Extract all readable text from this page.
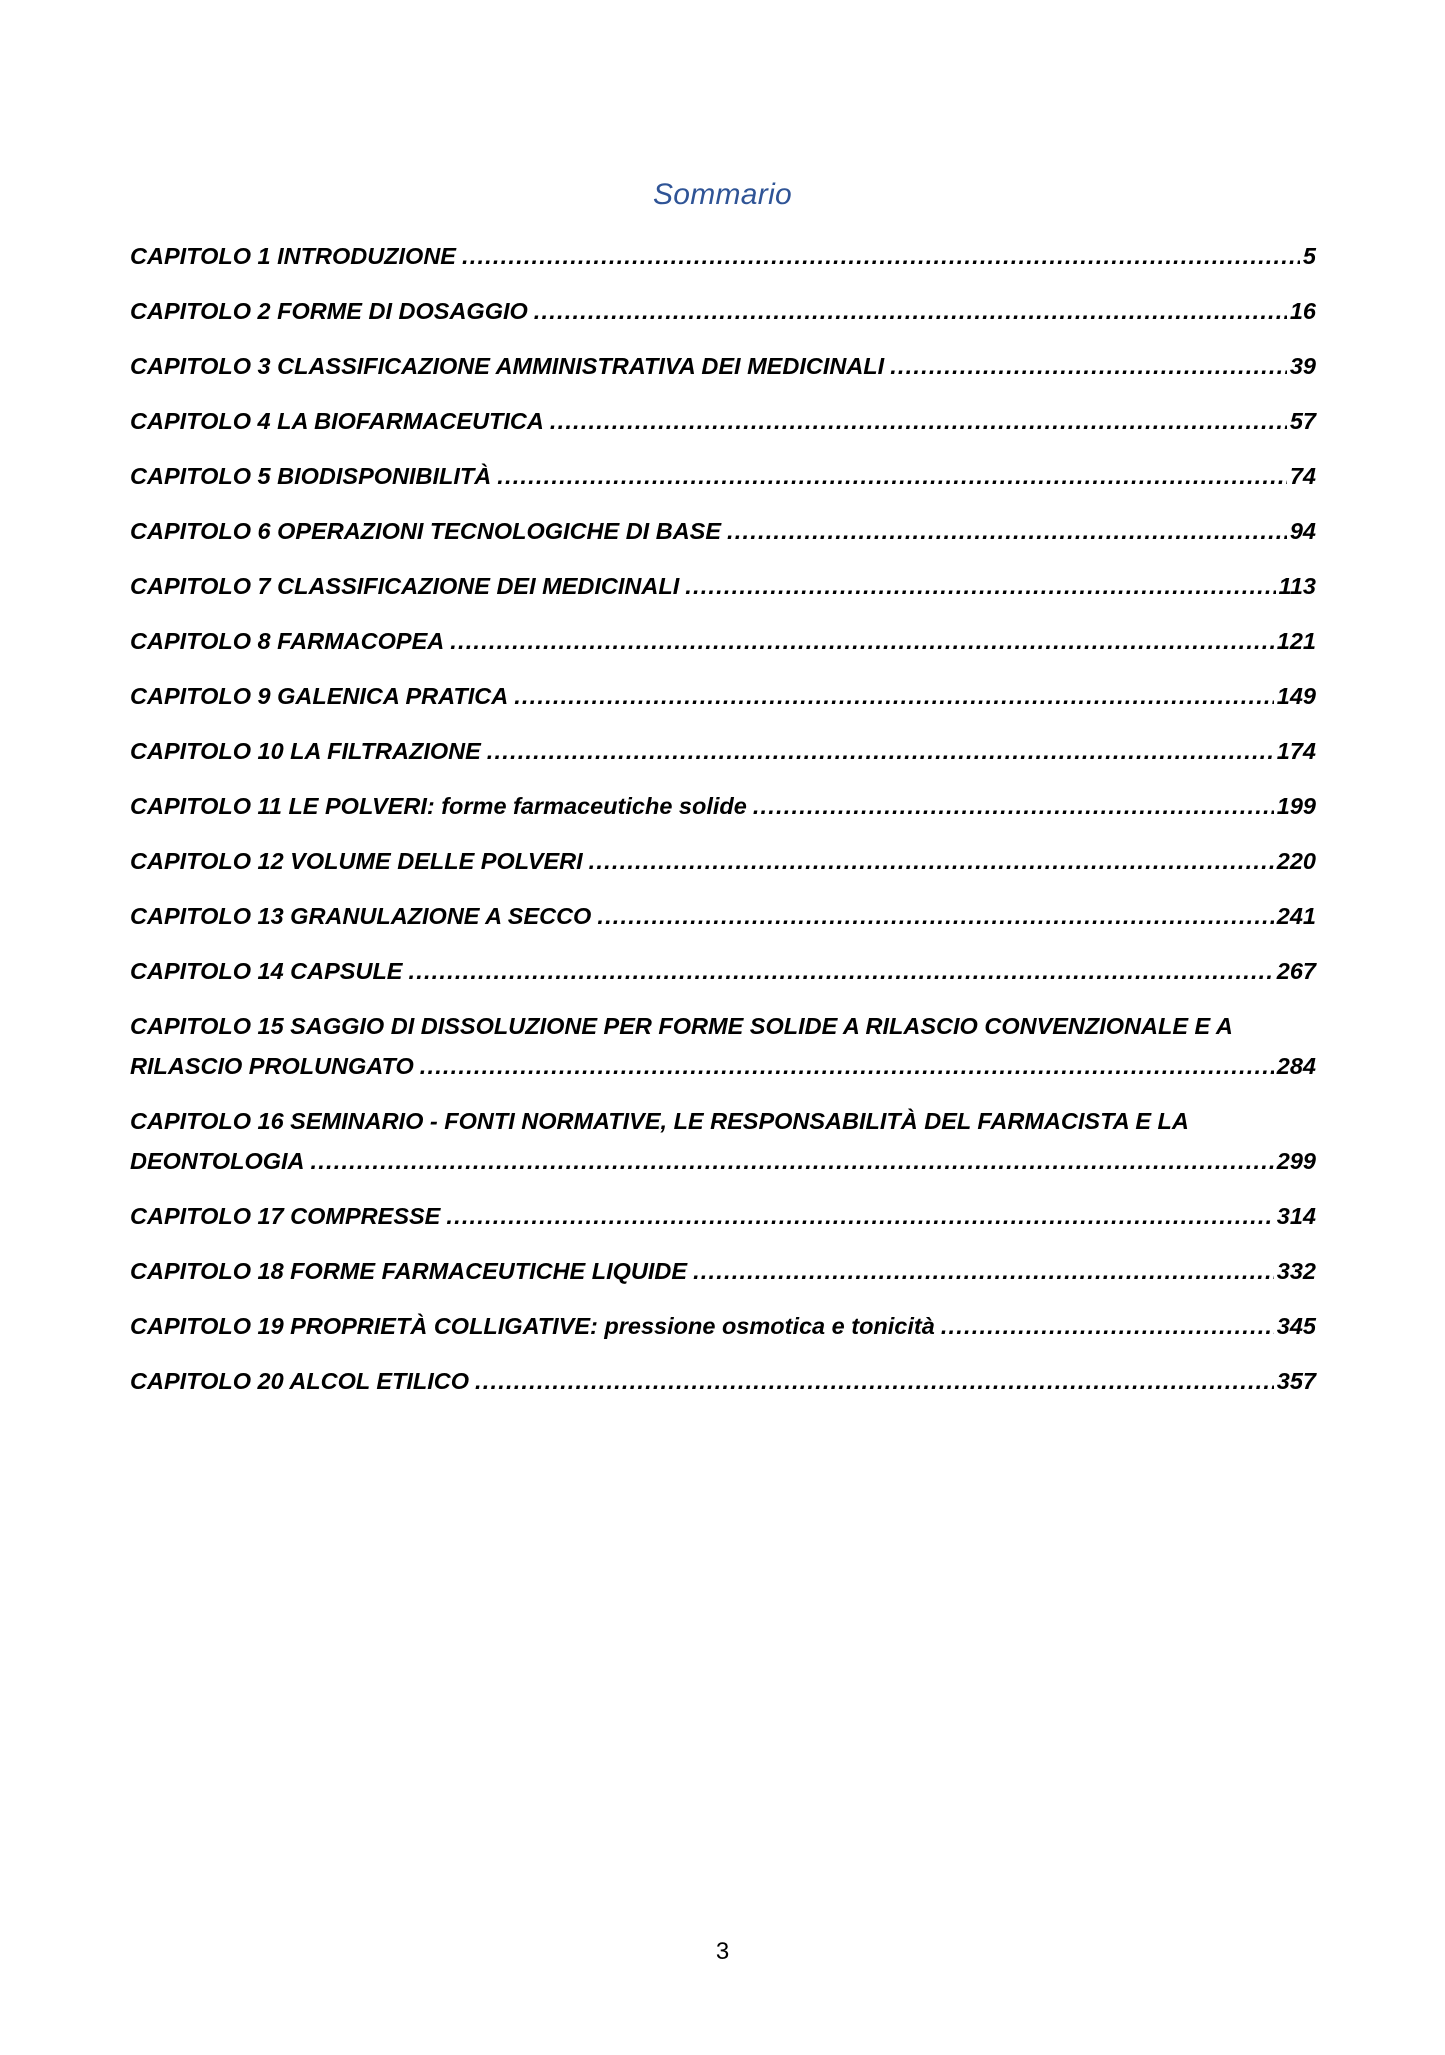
Sommario
CAPITOLO 1 INTRODUZIONE .....	5
CAPITOLO 2 FORME DI DOSAGGIO .....	16
CAPITOLO 3 CLASSIFICAZIONE AMMINISTRATIVA DEI MEDICINALI .....	39
CAPITOLO 4 LA BIOFARMACEUTICA .....	57
CAPITOLO 5 BIODISPONIBILITÀ .....	74
CAPITOLO 6 OPERAZIONI TECNOLOGICHE DI BASE .....	94
CAPITOLO 7 CLASSIFICAZIONE DEI MEDICINALI .....	113
CAPITOLO 8 FARMACOPEA .....	121
CAPITOLO 9 GALENICA PRATICA .....	149
CAPITOLO 10 LA FILTRAZIONE .....	174
CAPITOLO 11 LE POLVERI: forme farmaceutiche solide .....	199
CAPITOLO 12 VOLUME DELLE POLVERI .....	220
CAPITOLO 13 GRANULAZIONE A SECCO .....	241
CAPITOLO 14 CAPSULE .....	267
CAPITOLO 15 SAGGIO DI DISSOLUZIONE PER FORME SOLIDE A RILASCIO CONVENZIONALE E A
RILASCIO PROLUNGATO .....	284
CAPITOLO 16 SEMINARIO - FONTI NORMATIVE, LE RESPONSABILITÀ DEL FARMACISTA E LA
DEONTOLOGIA .....	299
CAPITOLO 17 COMPRESSE .....	314
CAPITOLO 18 FORME FARMACEUTICHE LIQUIDE .....	332
CAPITOLO 19 PROPRIETÀ COLLIGATIVE: pressione osmotica e tonicità .....	345
CAPITOLO 20 ALCOL ETILICO .....	357
3
